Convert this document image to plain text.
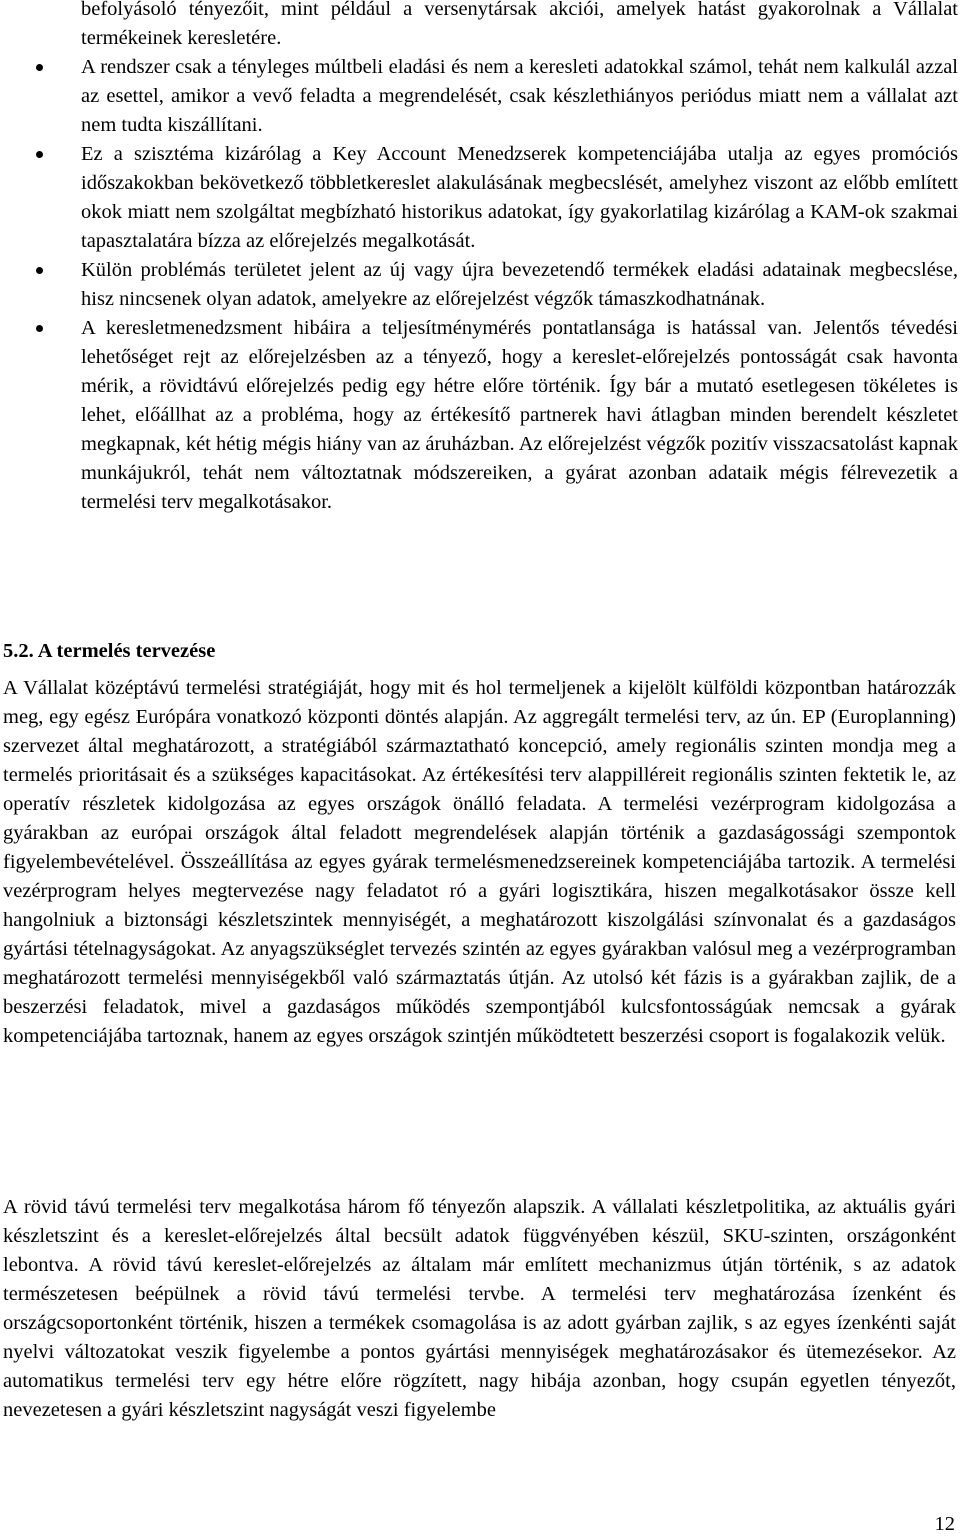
befolyásoló tényezőit, mint például a versenytársak akciói, amelyek hatást gyakorolnak a Vállalat termékeinek keresletére.
A rendszer csak a tényleges múltbeli eladási és nem a keresleti adatokkal számol, tehát nem kalkulál azzal az esettel, amikor a vevő feladta a megrendelését, csak készlethiányos periódus miatt nem a vállalat azt nem tudta kiszállítani.
Ez a szisztéma kizárólag a Key Account Menedzserek kompetenciájába utalja az egyes promóciós időszakokban bekövetkező többletkereslet alakulásának megbecslését, amelyhez viszont az előbb említett okok miatt nem szolgáltat megbízható historikus adatokat, így gyakorlatilag kizárólag a KAM-ok szakmai tapasztalatára bízza az előrejelzés megalkotását.
Külön problémás területet jelent az új vagy újra bevezetendő termékek eladási adatainak megbecslése, hisz nincsenek olyan adatok, amelyekre az előrejelzést végzők támaszkodhatnának.
A keresletmenedzsment hibáira a teljesítménymérés pontatlansága is hatással van. Jelentős tévedési lehetőséget rejt az előrejelzésben az a tényező, hogy a kereslet-előrejelzés pontosságát csak havonta mérik, a rövidtávú előrejelzés pedig egy hétre előre történik. Így bár a mutató esetlegesen tökéletes is lehet, előállhat az a probléma, hogy az értékesítő partnerek havi átlagban minden berendelt készletet megkapnak, két hétig mégis hiány van az áruházban. Az előrejelzést végzők pozitív visszacsatolást kapnak munkájukról, tehát nem változtatnak módszereiken, a gyárat azonban adataik mégis félrevezetik a termelési terv megalkotásakor.
5.2. A termelés tervezése

A Vállalat középtávú termelési stratégiáját, hogy mit és hol termeljenek a kijelölt külföldi központban határozzák meg, egy egész Európára vonatkozó központi döntés alapján. Az aggregált termelési terv, az ún. EP (Europlanning) szervezet által meghatározott, a stratégiából származtatható koncepció, amely regionális szinten mondja meg a termelés prioritásait és a szükséges kapacitásokat. Az értékesítési terv alappilléreit regionális szinten fektetik le, az operatív részletek kidolgozása az egyes országok önálló feladata. A termelési vezérprogram kidolgozása a gyárakban az európai országok által feladott megrendelések alapján történik a gazdaságossági szempontok figyelembevételével. Összeállítása az egyes gyárak termelésmenedzsereinek kompetenciájába tartozik. A termelési vezérprogram helyes megtervezése nagy feladatot ró a gyári logisztikára, hiszen megalkotásakor össze kell hangolniuk a biztonsági készletszintek mennyiségét, a meghatározott kiszolgálási színvonalat és a gazdaságos gyártási tételnagyságokat. Az anyagszükséglet tervezés szintén az egyes gyárakban valósul meg a vezérprogramban meghatározott termelési mennyiségekből való származtatás útján. Az utolsó két fázis is a gyárakban zajlik, de a beszerzési feladatok, mivel a gazdaságos működés szempontjából kulcsfontosságúak nemcsak a gyárak kompetenciájába tartoznak, hanem az egyes országok szintjén működtetett beszerzési csoport is fogalakozik velük.

A rövid távú termelési terv megalkotása három fő tényezőn alapszik. A vállalati készletpolitika, az aktuális gyári készletszint és a kereslet-előrejelzés által becsült adatok függvényében készül, SKU-szinten, országonként lebontva. A rövid távú kereslet-előrejelzés az általam már említett mechanizmus útján történik, s az adatok természetesen beépülnek a rövid távú termelési tervbe. A termelési terv meghatározása ízenként és országcsoportonként történik, hiszen a termékek csomagolása is az adott gyárban zajlik, s az egyes ízenkénti saját nyelvi változatokat veszik figyelembe a pontos gyártási mennyiségek meghatározásakor és ütemezésekor. Az automatikus termelési terv egy hétre előre rögzített, nagy hibája azonban, hogy csupán egyetlen tényezőt, nevezetesen a gyári készletszint nagyságát veszi figyelembe

12
